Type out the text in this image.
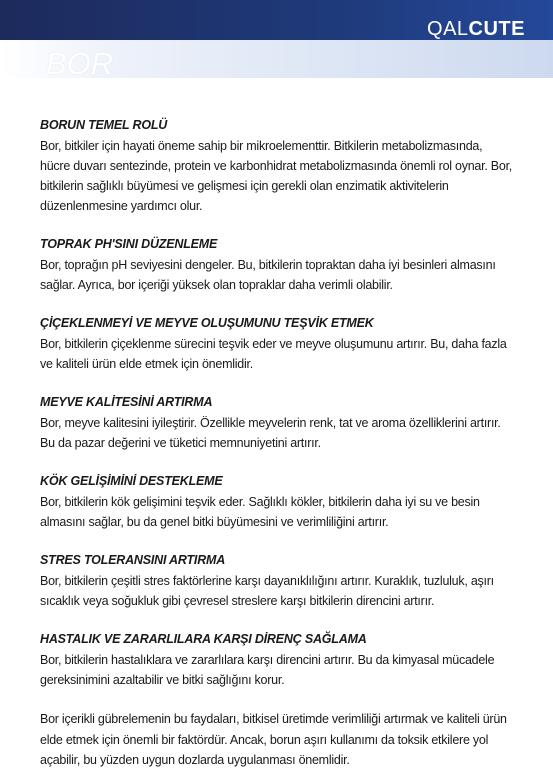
QALCUTE
BOR

BORUN TEMEL ROLÜ

Bor, bitkiler için hayati öneme sahip bir mikroelementtir. Bitkilerin metabolizmasında, hücre duvarı sentezinde, protein ve karbonhidrat metabolizmasında önemli rol oynar. Bor, bitkilerin sağlıklı büyümesi ve gelişmesi için gerekli olan enzimatik aktivitelerin düzenlenmesine yardımcı olur.

TOPRAK PH'SINI DÜZENLEME

Bor, toprağın pH seviyesini dengeler. Bu, bitkilerin topraktan daha iyi besinleri almasını sağlar. Ayrıca, bor içeriği yüksek olan topraklar daha verimli olabilir.

ÇİÇEKLENMEYİ VE MEYVE OLUŞUMUNU TEŞVİK ETMEK

Bor, bitkilerin çiçeklenme sürecini teşvik eder ve meyve oluşumunu artırır. Bu, daha fazla ve kaliteli ürün elde etmek için önemlidir.

MEYVE KALİTESİNİ ARTIRMA

Bor, meyve kalitesini iyileştirir. Özellikle meyvelerin renk, tat ve aroma özelliklerini artırır. Bu da pazar değerini ve tüketici memnuniyetini artırır.

KÖK GELİŞİMİNİ DESTEKLEME

Bor, bitkilerin kök gelişimini teşvik eder. Sağlıklı kökler, bitkilerin daha iyi su ve besin almasını sağlar, bu da genel bitki büyümesini ve verimliliğini artırır.

STRES TOLERANSINI ARTIRMA

Bor, bitkilerin çeşitli stres faktörlerine karşı dayanıklılığını artırır. Kuraklık, tuzluluk, aşırı sıcaklık veya soğukluk gibi çevresel streslere karşı bitkilerin direncini artırır.

HASTALIK VE ZARARLILARA KARŞI DİRENÇ SAĞLAMA

Bor, bitkilerin hastalıklara ve zararlılara karşı direncini artırır. Bu da kimyasal mücadele gereksinimini azaltabilir ve bitki sağlığını korur.

Bor içerikli gübrelemenin bu faydaları, bitkisel üretimde verimliliği artırmak ve kaliteli ürün elde etmek için önemli bir faktördür. Ancak, borun aşırı kullanımı da toksik etkilere yol açabilir, bu yüzden uygun dozlarda uygulanması önemlidir.
